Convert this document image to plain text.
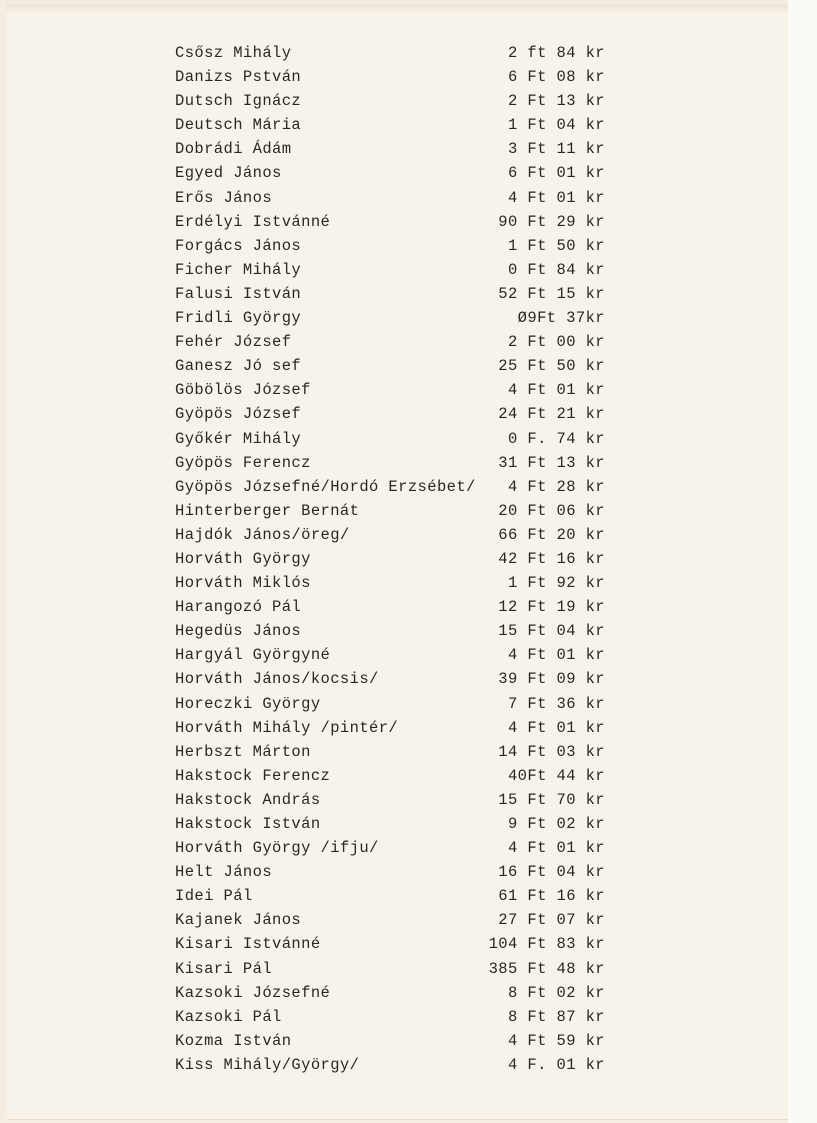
Csősz Mihály	2 ft 84 kr
Danizs Pstván	6 Ft 08 kr
Dutsch Ignácz	2 Ft 13 kr
Deutsch Mária	1 Ft 04 kr
Dobrádi Ádám	3 Ft 11 kr
Egyed János	6 Ft 01 kr
Erős János	4 Ft 01 kr
Erdélyi Istvánné	90 Ft 29 kr
Forgács János	1 Ft 50 kr
Ficher Mihály	0 Ft 84 kr
Falusi István	52 Ft 15 kr
Fridli György	Ø9Ft 37kr
Fehér József	2 Ft 00 kr
Ganesz Jó sef	25 Ft 50 kr
Göbölös József	4 Ft 01 kr
Gyöpös József	24 Ft 21 kr
Győkér Mihály	0 F. 74 kr
Gyöpös Ferencz	31 Ft 13 kr
Gyöpös Józsefné/Hordó Erzsébet/ 4 Ft 28 kr
Hinterberger Bernát	20 Ft 06 kr
Hajdók János/öreg/	66 Ft 20 kr
Horváth György	42 Ft 16 kr
Horváth Miklós	1 Ft 92 kr
Harangozó Pál	12 Ft 19 kr
Hegedüs János	15 Ft 04 kr
Hargyál Györgyné	4 Ft 01 kr
Horváth János/kocsis/	39 Ft 09 kr
Horeczki György	7 Ft 36 kr
Horváth Mihály /pintér/	4 Ft 01 kr
Herbszt Márton	14 Ft 03 kr
Hakstock Ferencz	40Ft 44 kr
Hakstock András	15 Ft 70 kr
Hakstock István	9 Ft 02 kr
Horváth György /ifju/	4 Ft 01 kr
Helt János	16 Ft 04 kr
Idei Pál	61 Ft 16 kr
Kajanek János	27 Ft 07 kr
Kisari Istvánné	104 Ft 83 kr
Kisari Pál	385 Ft 48 kr
Kazsoki Józsefné	8 Ft 02 kr
Kazsoki Pál	8 Ft 87 kr
Kozma István	4 Ft 59 kr
Kiss Mihály/György/	4 F. 01 kr
